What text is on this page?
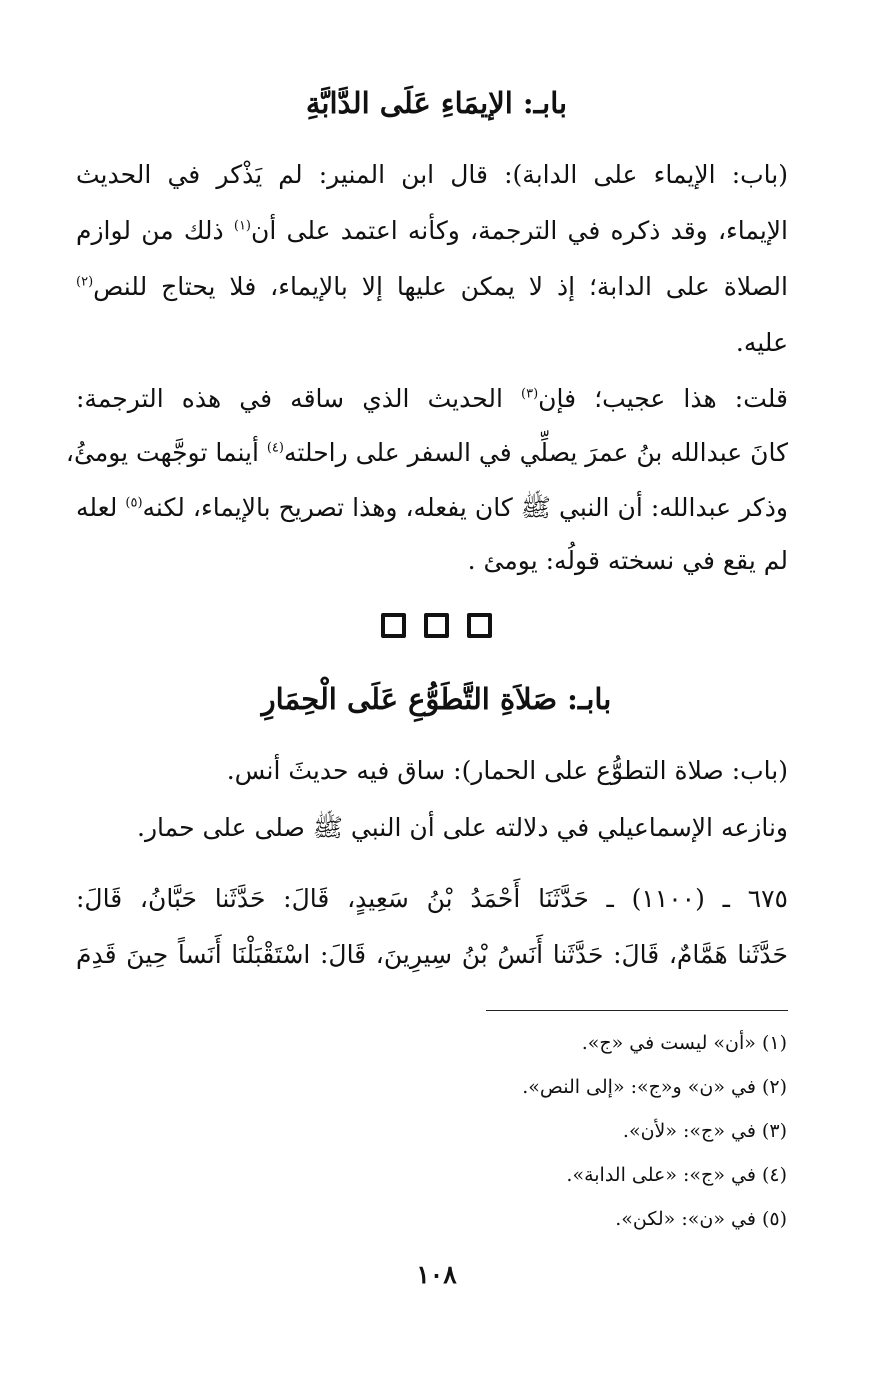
بابـ: الإيمَاءِ عَلَى الدَّابَّةِ
(باب: الإيماء على الدابة): قال ابن المنير: لم يَذْكر في الحديث
الإيماء، وقد ذكره في الترجمة، وكأنه اعتمد على أن$^{(١)}$ ذلك من لوازم
الصلاة على الدابة؛ إذ لا يمكن عليها إلا بالإيماء، فلا يحتاج للنص$^{(٢)}$
عليه.
قلت: هذا عجيب؛ فإن$^{(٣)}$ الحديث الذي ساقه في هذه الترجمة:
كانَ عبدالله بنُ عمرَ يصلِّي في السفر على راحلته$^{(٤)}$ أينما توجَّهت يومئُ،
وذكر عبدالله: أن النبي ﷺ كان يفعله، وهذا تصريح بالإيماء، لكنه$^{(٥)}$ لعله
لم يقع في نسخته قولُه: يومئ .
بابـ: صَلاَةِ التَّطَوُّعِ عَلَى الْحِمَارِ
(باب: صلاة التطوُّع على الحمار): ساق فيه حديثَ أنس.
ونازعه الإسماعيلي في دلالته على أن النبي ﷺ صلى على حمار.
٦٧٥ ـ (١١٠٠) ـ حَدَّثَنَا أَحْمَدُ بْنُ سَعِيدٍ، قَالَ: حَدَّثَنا حَبَّانُ، قَالَ:
حَدَّثَنا هَمَّامٌ، قَالَ: حَدَّثَنا أَنَسُ بْنُ سِيرِينَ، قَالَ: اسْتَقْبَلْنَا أَنَساً حِينَ قَدِمَ
(١) «أن» ليست في «ج».
(٢) في «ن» و«ج»: «إلى النص».
(٣) في «ج»: «لأن».
(٤) في «ج»: «على الدابة».
(٥) في «ن»: «لكن».
١٠٨
